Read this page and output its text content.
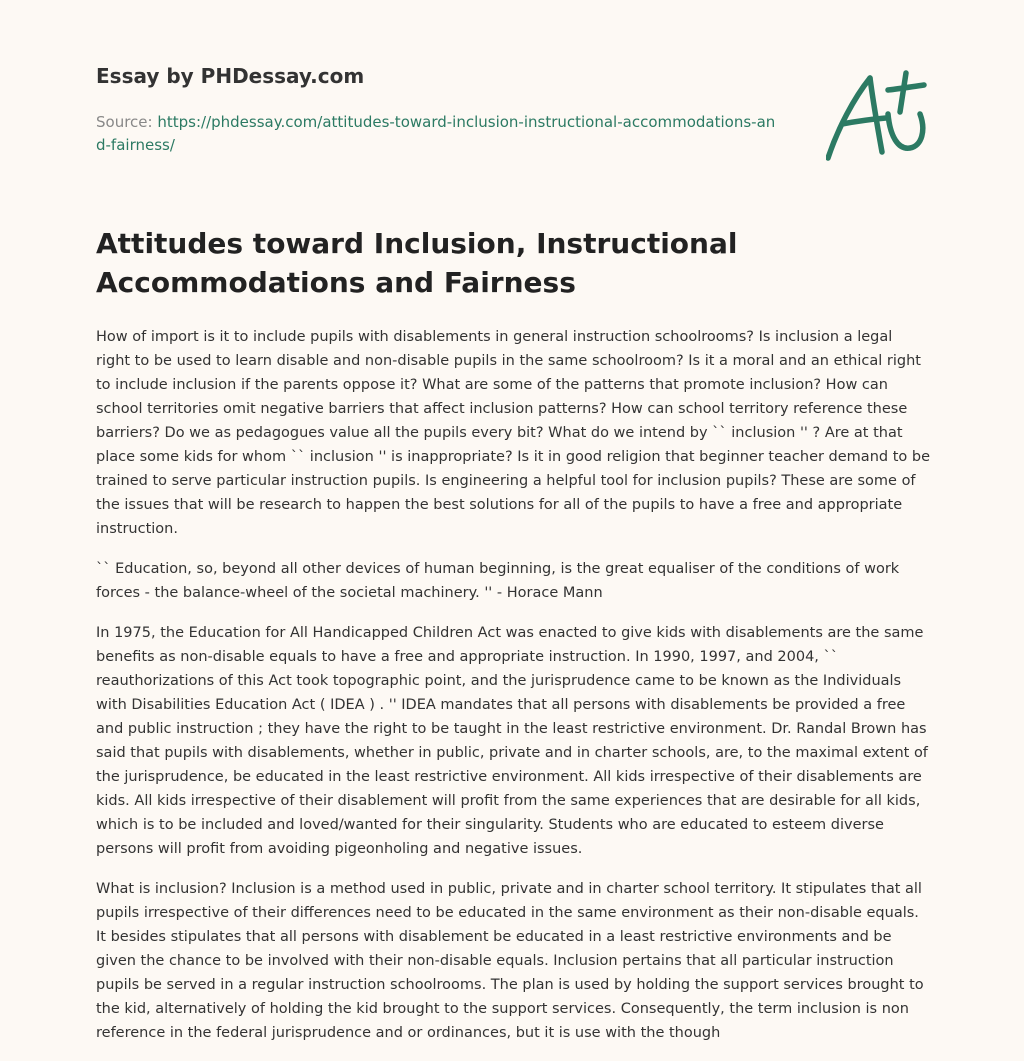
Essay by PHDessay.com
Source: https://phdessay.com/attitudes-toward-inclusion-instructional-accommodations-and-fairness/
Attitudes toward Inclusion, Instructional Accommodations and Fairness

How of import is it to include pupils with disablements in general instruction schoolrooms? Is inclusion a legal right to be used to learn disable and non-disable pupils in the same schoolroom? Is it a moral and an ethical right to include inclusion if the parents oppose it? What are some of the patterns that promote inclusion? How can school territories omit negative barriers that affect inclusion patterns? How can school territory reference these barriers? Do we as pedagogues value all the pupils every bit? What do we intend by `` inclusion '' ? Are at that place some kids for whom `` inclusion '' is inappropriate? Is it in good religion that beginner teacher demand to be trained to serve particular instruction pupils. Is engineering a helpful tool for inclusion pupils? These are some of the issues that will be research to happen the best solutions for all of the pupils to have a free and appropriate instruction.

`` Education, so, beyond all other devices of human beginning, is the great equaliser of the conditions of work forces - the balance-wheel of the societal machinery. '' - Horace Mann

In 1975, the Education for All Handicapped Children Act was enacted to give kids with disablements are the same benefits as non-disable equals to have a free and appropriate instruction. In 1990, 1997, and 2004, `` reauthorizations of this Act took topographic point, and the jurisprudence came to be known as the Individuals with Disabilities Education Act ( IDEA ) . '' IDEA mandates that all persons with disablements be provided a free and public instruction ; they have the right to be taught in the least restrictive environment. Dr. Randal Brown has said that pupils with disablements, whether in public, private and in charter schools, are, to the maximal extent of the jurisprudence, be educated in the least restrictive environment. All kids irrespective of their disablements are kids. All kids irrespective of their disablement will profit from the same experiences that are desirable for all kids, which is to be included and loved/wanted for their singularity. Students who are educated to esteem diverse persons will profit from avoiding pigeonholing and negative issues.

What is inclusion? Inclusion is a method used in public, private and in charter school territory. It stipulates that all pupils irrespective of their differences need to be educated in the same environment as their non-disable equals. It besides stipulates that all persons with disablement be educated in a least restrictive environments and be given the chance to be involved with their non-disable equals. Inclusion pertains that all particular instruction pupils be served in a regular instruction schoolrooms. The plan is used by holding the support services brought to the kid, alternatively of holding the kid brought to the support services. Consequently, the term inclusion is non reference in the federal jurisprudence and or ordinances, but it is use with the though
